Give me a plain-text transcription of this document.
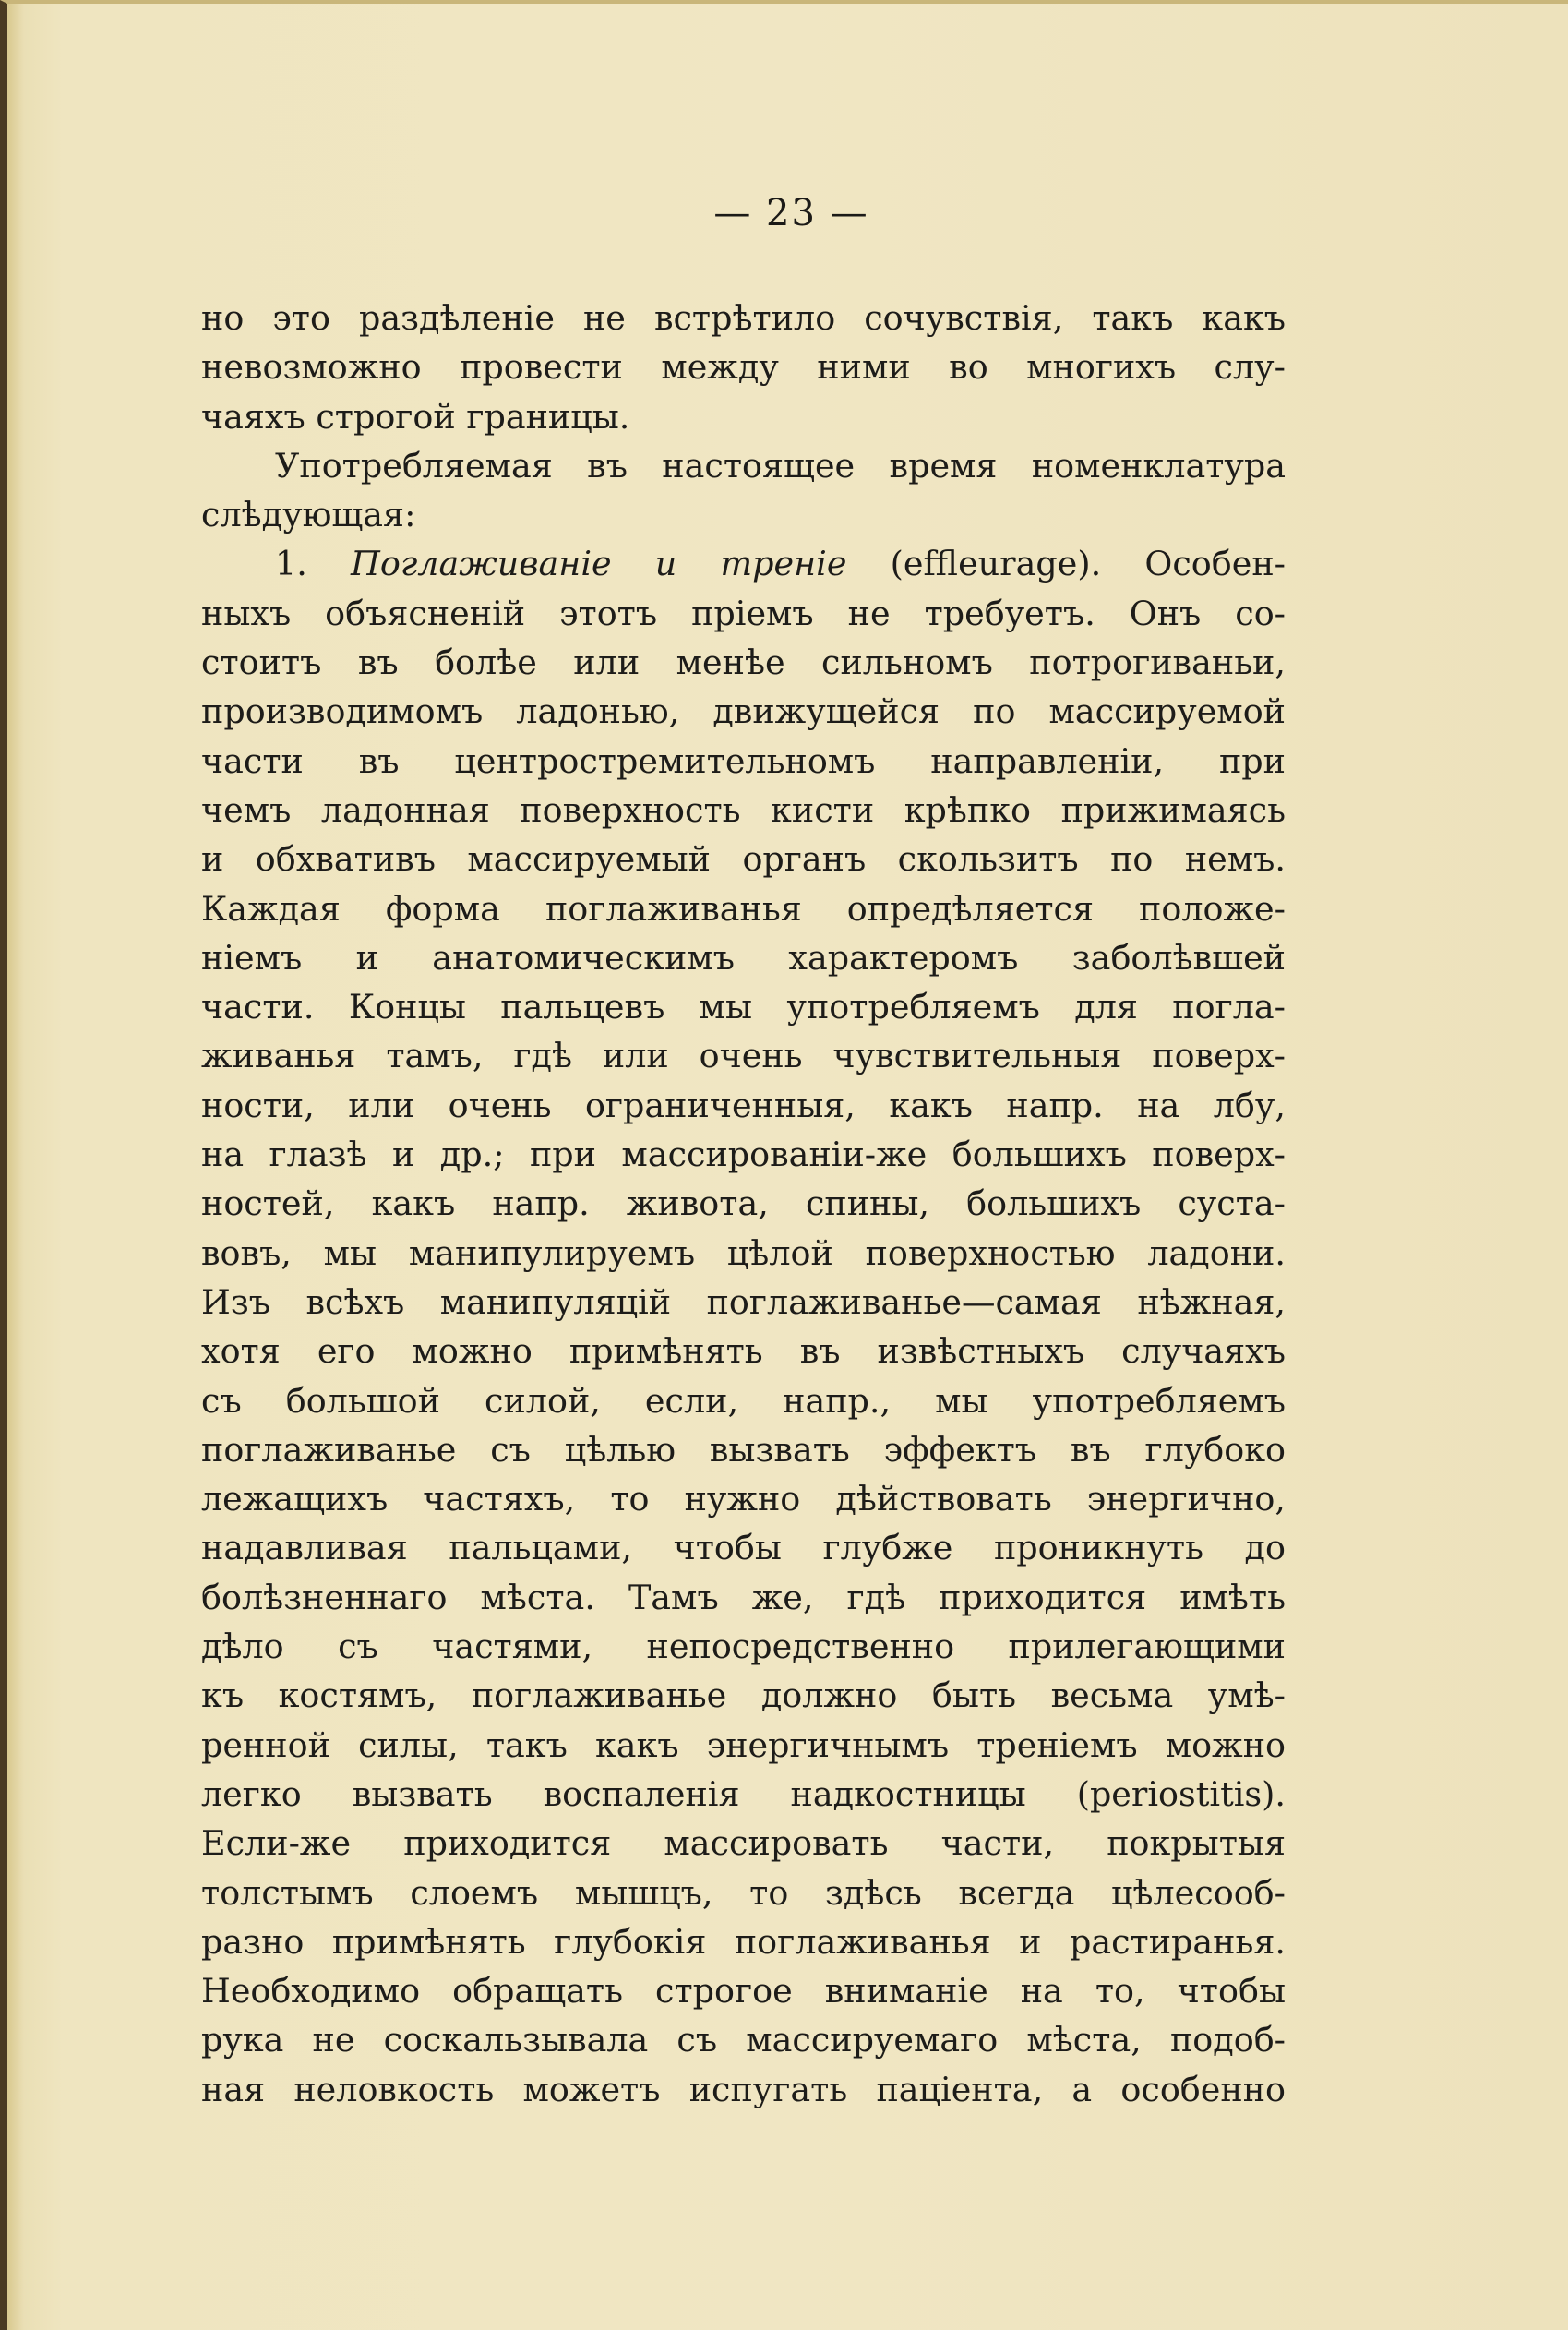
— 23 —
но это раздѣленіе не встрѣтило сочувствія, такъ какъ
невозможно провести между ними во многихъ слу-
чаяхъ строгой границы.
Употребляемая въ настоящее время номенклатура
слѣдующая:
1. Поглаживаніе и треніе (effleurage). Особен-
ныхъ объясненій этотъ пріемъ не требуетъ. Онъ со-
стоитъ въ болѣе или менѣе сильномъ потрогиваньи,
производимомъ ладонью, движущейся по массируемой
части въ центростремительномъ направленіи, при
чемъ ладонная поверхность кисти крѣпко прижимаясь
и обхвативъ массируемый органъ скользитъ по немъ.
Каждая форма поглаживанья опредѣляется положе-
ніемъ и анатомическимъ характеромъ заболѣвшей
части. Концы пальцевъ мы употребляемъ для погла-
живанья тамъ, гдѣ или очень чувствительныя поверх-
ности, или очень ограниченныя, какъ напр. на лбу,
на глазѣ и др.; при массированіи-же большихъ поверх-
ностей, какъ напр. живота, спины, большихъ суста-
вовъ, мы манипулируемъ цѣлой поверхностью ладони.
Изъ всѣхъ манипуляцій поглаживанье—самая нѣжная,
хотя его можно примѣнять въ извѣстныхъ случаяхъ
съ большой силой, если, напр., мы употребляемъ
поглаживанье съ цѣлью вызвать эффектъ въ глубоко
лежащихъ частяхъ, то нужно дѣйствовать энергично,
надавливая пальцами, чтобы глубже проникнуть до
болѣзненнаго мѣста. Тамъ же, гдѣ приходится имѣть
дѣло съ частями, непосредственно прилегающими
къ костямъ, поглаживанье должно быть весьма умѣ-
ренной силы, такъ какъ энергичнымъ треніемъ можно
легко вызвать воспаленія надкостницы (periostitis).
Если-же приходится массировать части, покрытыя
толстымъ слоемъ мышцъ, то здѣсь всегда цѣлесооб-
разно примѣнять глубокія поглаживанья и растиранья.
Необходимо обращать строгое вниманіе на то, чтобы
рука не соскальзывала съ массируемаго мѣста, подоб-
ная неловкость можетъ испугать паціента, а особенно
